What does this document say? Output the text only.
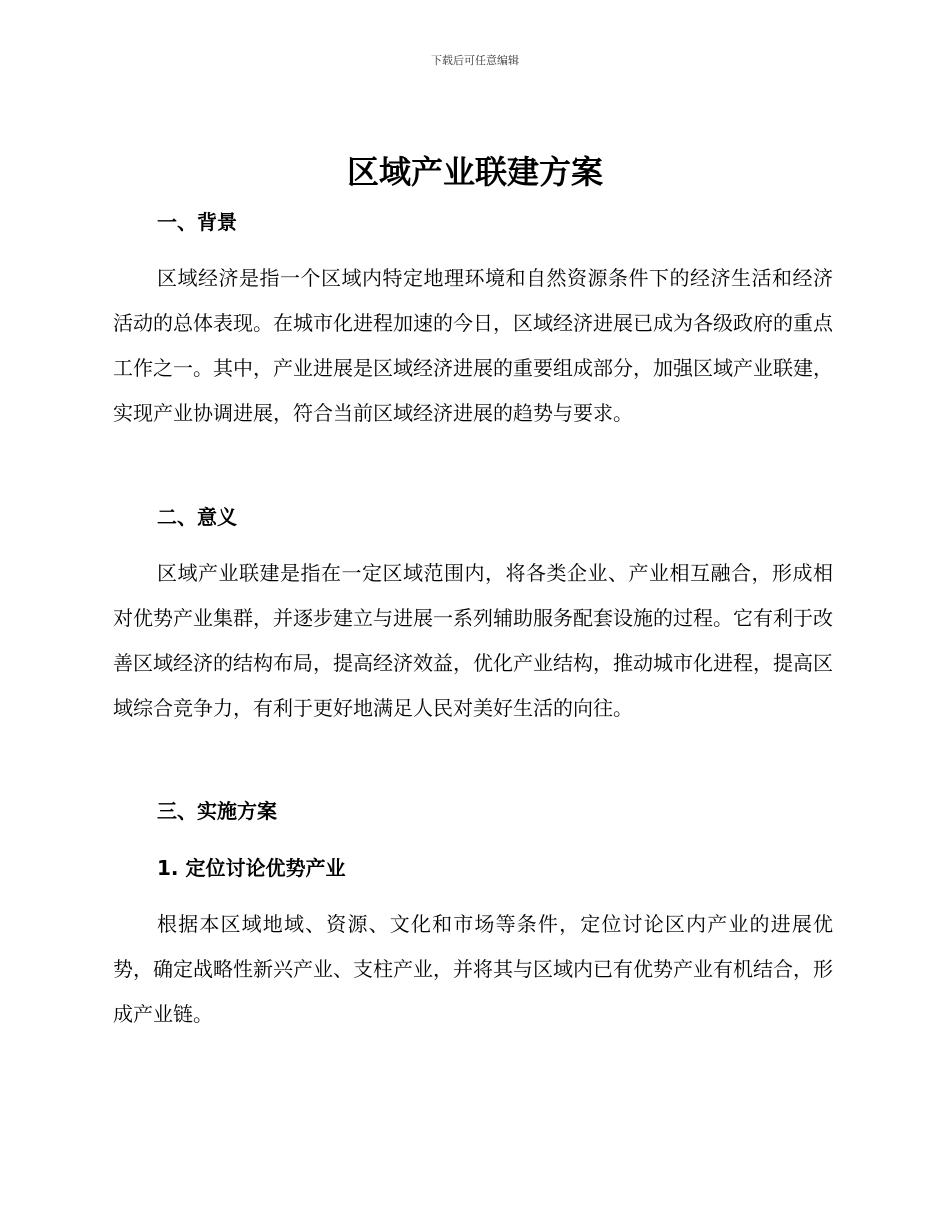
下载后可任意编辑
区域产业联建方案
一、背景

区域经济是指一个区域内特定地理环境和自然资源条件下的经济生活和经济活动的总体表现。在城市化进程加速的今日，区域经济进展已成为各级政府的重点工作之一。其中，产业进展是区域经济进展的重要组成部分，加强区域产业联建，实现产业协调进展，符合当前区域经济进展的趋势与要求。

二、意义

区域产业联建是指在一定区域范围内，将各类企业、产业相互融合，形成相对优势产业集群，并逐步建立与进展一系列辅助服务配套设施的过程。它有利于改善区域经济的结构布局，提高经济效益，优化产业结构，推动城市化进程，提高区域综合竞争力，有利于更好地满足人民对美好生活的向往。

三、实施方案
1. 定位讨论优势产业

根据本区域地域、资源、文化和市场等条件，定位讨论区内产业的进展优势，确定战略性新兴产业、支柱产业，并将其与区域内已有优势产业有机结合，形成产业链。
